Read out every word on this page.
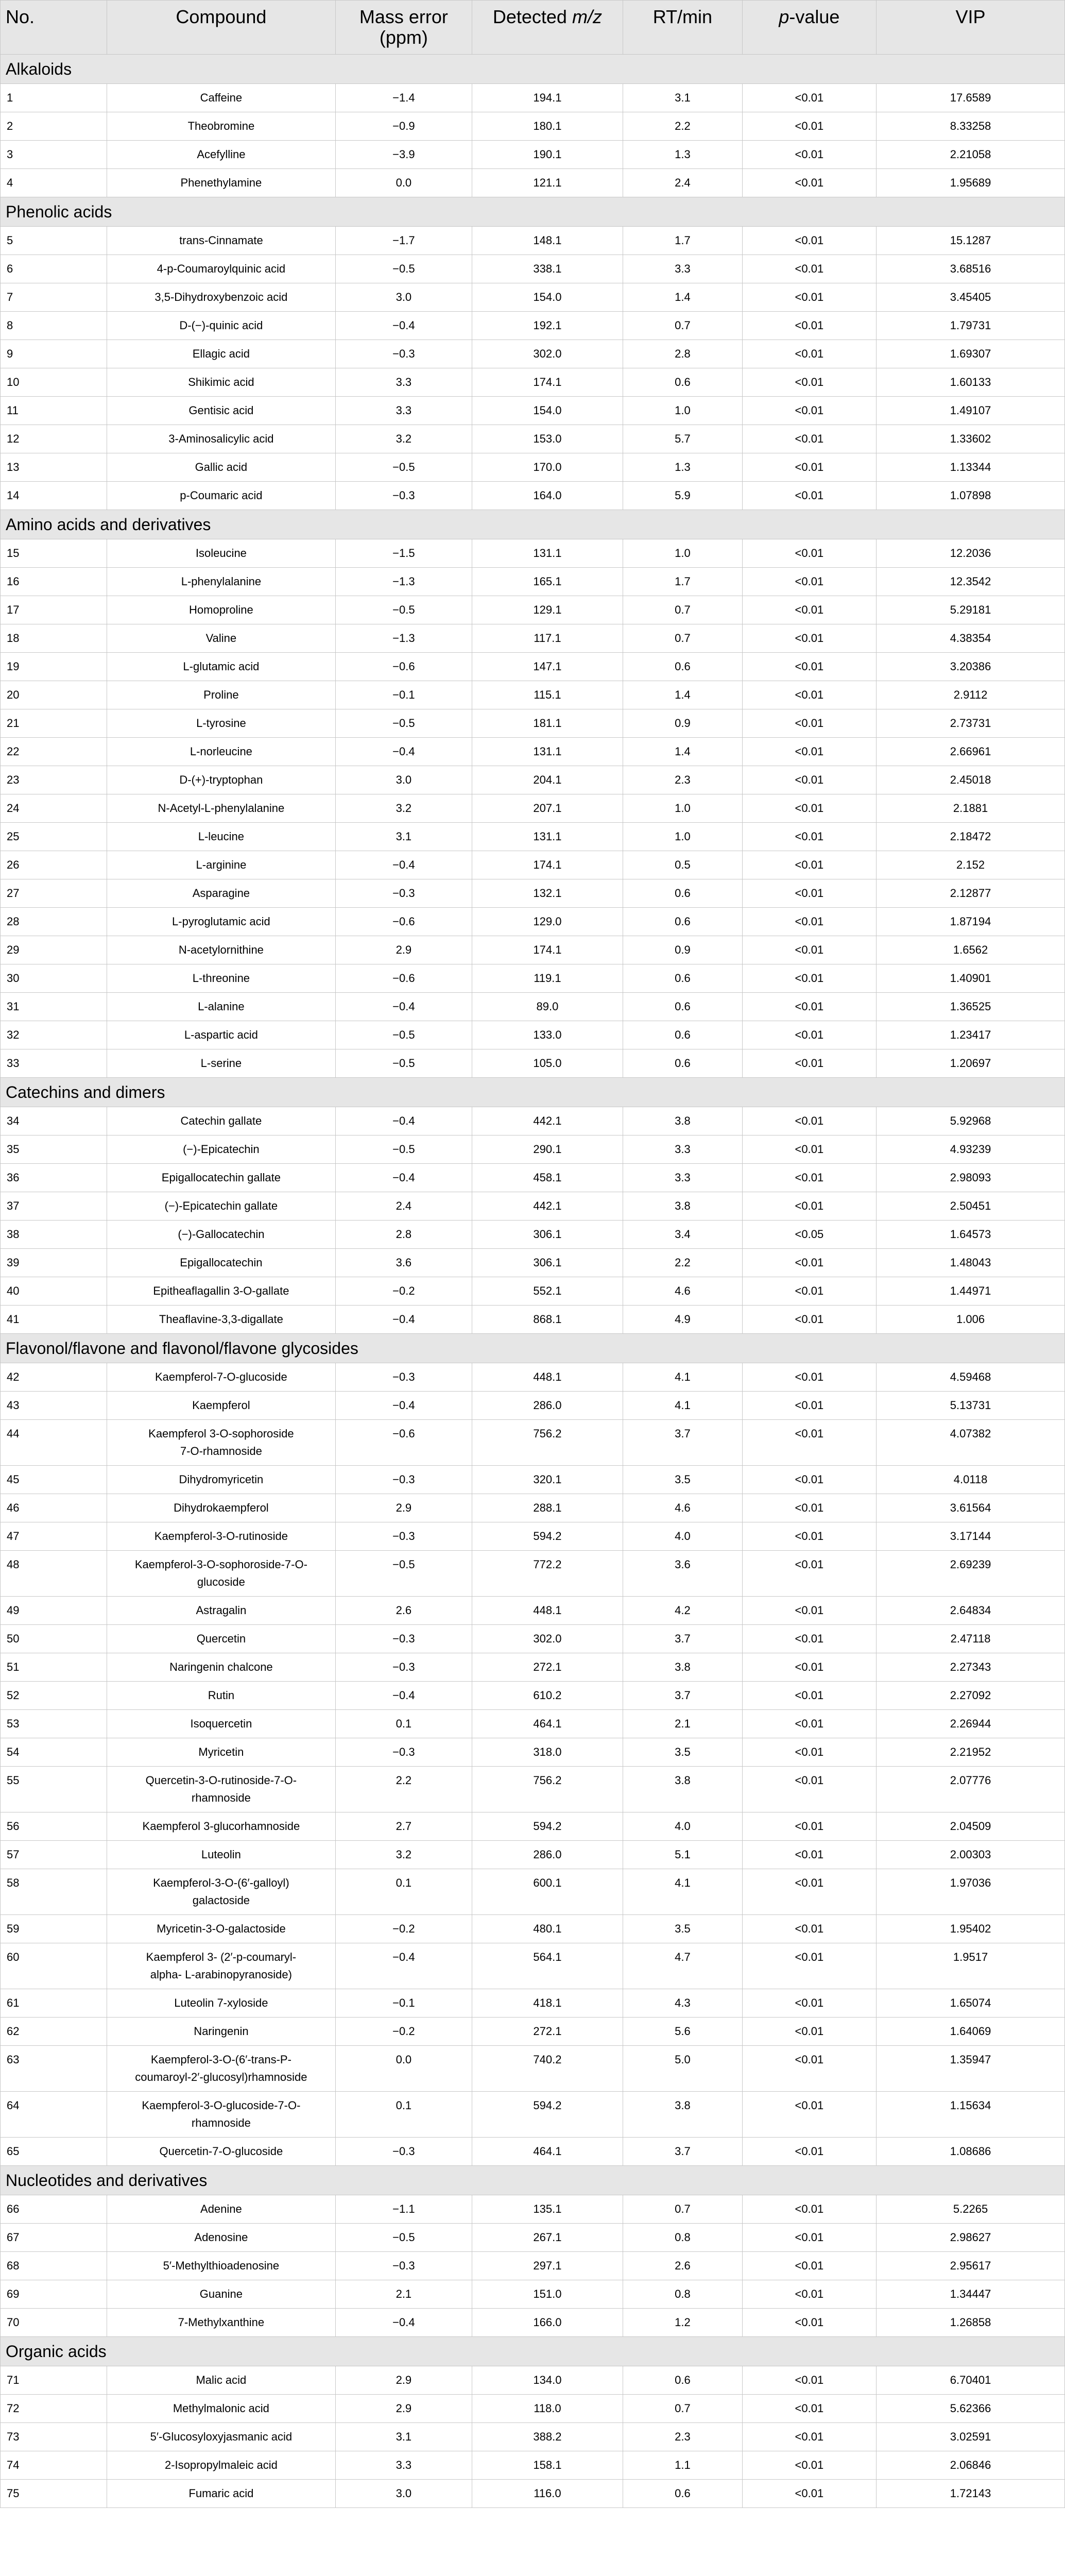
No.	Compound	Mass error (ppm)	Detected m/z	RT/min	p-value	VIP
Alkaloids						
1	Caffeine	−1.4	194.1	3.1	<0.01	17.6589
2	Theobromine	−0.9	180.1	2.2	<0.01	8.33258
3	Acefylline	−3.9	190.1	1.3	<0.01	2.21058
4	Phenethylamine	0.0	121.1	2.4	<0.01	1.95689
Phenolic acids						
5	trans-Cinnamate	−1.7	148.1	1.7	<0.01	15.1287
6	4-p-Coumaroylquinic acid	−0.5	338.1	3.3	<0.01	3.68516
7	3,5-Dihydroxybenzoic acid	3.0	154.0	1.4	<0.01	3.45405
8	D-(−)-quinic acid	−0.4	192.1	0.7	<0.01	1.79731
9	Ellagic acid	−0.3	302.0	2.8	<0.01	1.69307
10	Shikimic acid	3.3	174.1	0.6	<0.01	1.60133
11	Gentisic acid	3.3	154.0	1.0	<0.01	1.49107
12	3-Aminosalicylic acid	3.2	153.0	5.7	<0.01	1.33602
13	Gallic acid	−0.5	170.0	1.3	<0.01	1.13344
14	p-Coumaric acid	−0.3	164.0	5.9	<0.01	1.07898
Amino acids and derivatives						
15	Isoleucine	−1.5	131.1	1.0	<0.01	12.2036
16	L-phenylalanine	−1.3	165.1	1.7	<0.01	12.3542
17	Homoproline	−0.5	129.1	0.7	<0.01	5.29181
18	Valine	−1.3	117.1	0.7	<0.01	4.38354
19	L-glutamic acid	−0.6	147.1	0.6	<0.01	3.20386
20	Proline	−0.1	115.1	1.4	<0.01	2.9112
21	L-tyrosine	−0.5	181.1	0.9	<0.01	2.73731
22	L-norleucine	−0.4	131.1	1.4	<0.01	2.66961
23	D-(+)-tryptophan	3.0	204.1	2.3	<0.01	2.45018
24	N-Acetyl-L-phenylalanine	3.2	207.1	1.0	<0.01	2.1881
25	L-leucine	3.1	131.1	1.0	<0.01	2.18472
26	L-arginine	−0.4	174.1	0.5	<0.01	2.152
27	Asparagine	−0.3	132.1	0.6	<0.01	2.12877
28	L-pyroglutamic acid	−0.6	129.0	0.6	<0.01	1.87194
29	N-acetylornithine	2.9	174.1	0.9	<0.01	1.6562
30	L-threonine	−0.6	119.1	0.6	<0.01	1.40901
31	L-alanine	−0.4	89.0	0.6	<0.01	1.36525
32	L-aspartic acid	−0.5	133.0	0.6	<0.01	1.23417
33	L-serine	−0.5	105.0	0.6	<0.01	1.20697
Catechins and dimers						
34	Catechin gallate	−0.4	442.1	3.8	<0.01	5.92968
35	(−)-Epicatechin	−0.5	290.1	3.3	<0.01	4.93239
36	Epigallocatechin gallate	−0.4	458.1	3.3	<0.01	2.98093
37	(−)-Epicatechin gallate	2.4	442.1	3.8	<0.01	2.50451
38	(−)-Gallocatechin	2.8	306.1	3.4	<0.05	1.64573
39	Epigallocatechin	3.6	306.1	2.2	<0.01	1.48043
40	Epitheaflagallin 3-O-gallate	−0.2	552.1	4.6	<0.01	1.44971
41	Theaflavine-3,3-digallate	−0.4	868.1	4.9	<0.01	1.006
Flavonol/flavone and flavonol/flavone glycosides						
42	Kaempferol-7-O-glucoside	−0.3	448.1	4.1	<0.01	4.59468
43	Kaempferol	−0.4	286.0	4.1	<0.01	5.13731
44	Kaempferol 3-O-sophoroside
7-O-rhamnoside	−0.6	756.2	3.7	<0.01	4.07382
45	Dihydromyricetin	−0.3	320.1	3.5	<0.01	4.0118
46	Dihydrokaempferol	2.9	288.1	4.6	<0.01	3.61564
47	Kaempferol-3-O-rutinoside	−0.3	594.2	4.0	<0.01	3.17144
48	Kaempferol-3-O-sophoroside-7-O-
glucoside	−0.5	772.2	3.6	<0.01	2.69239
49	Astragalin	2.6	448.1	4.2	<0.01	2.64834
50	Quercetin	−0.3	302.0	3.7	<0.01	2.47118
51	Naringenin chalcone	−0.3	272.1	3.8	<0.01	2.27343
52	Rutin	−0.4	610.2	3.7	<0.01	2.27092
53	Isoquercetin	0.1	464.1	2.1	<0.01	2.26944
54	Myricetin	−0.3	318.0	3.5	<0.01	2.21952
55	Quercetin-3-O-rutinoside-7-O-
rhamnoside	2.2	756.2	3.8	<0.01	2.07776
56	Kaempferol 3-glucorhamnoside	2.7	594.2	4.0	<0.01	2.04509
57	Luteolin	3.2	286.0	5.1	<0.01	2.00303
58	Kaempferol-3-O-(6′-galloyl)
galactoside	0.1	600.1	4.1	<0.01	1.97036
59	Myricetin-3-O-galactoside	−0.2	480.1	3.5	<0.01	1.95402
60	Kaempferol 3- (2′-p-coumaryl-
alpha- L-arabinopyranoside)	−0.4	564.1	4.7	<0.01	1.9517
61	Luteolin 7-xyloside	−0.1	418.1	4.3	<0.01	1.65074
62	Naringenin	−0.2	272.1	5.6	<0.01	1.64069
63	Kaempferol-3-O-(6′-trans-P-
coumaroyl-2′-glucosyl)rhamnoside	0.0	740.2	5.0	<0.01	1.35947
64	Kaempferol-3-O-glucoside-7-O-
rhamnoside	0.1	594.2	3.8	<0.01	1.15634
65	Quercetin-7-O-glucoside	−0.3	464.1	3.7	<0.01	1.08686
Nucleotides and derivatives						
66	Adenine	−1.1	135.1	0.7	<0.01	5.2265
67	Adenosine	−0.5	267.1	0.8	<0.01	2.98627
68	5′-Methylthioadenosine	−0.3	297.1	2.6	<0.01	2.95617
69	Guanine	2.1	151.0	0.8	<0.01	1.34447
70	7-Methylxanthine	−0.4	166.0	1.2	<0.01	1.26858
Organic acids						
71	Malic acid	2.9	134.0	0.6	<0.01	6.70401
72	Methylmalonic acid	2.9	118.0	0.7	<0.01	5.62366
73	5′-Glucosyloxyjasmanic acid	3.1	388.2	2.3	<0.01	3.02591
74	2-Isopropylmaleic acid	3.3	158.1	1.1	<0.01	2.06846
75	Fumaric acid	3.0	116.0	0.6	<0.01	1.72143
